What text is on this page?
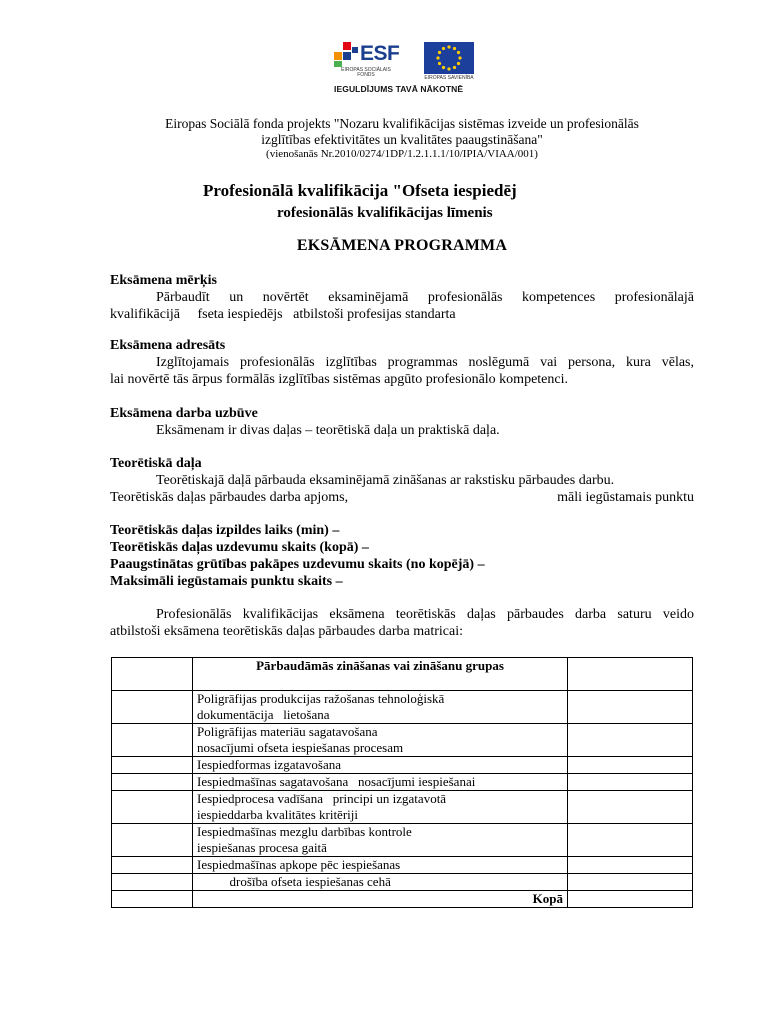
ESF
EIROPAS SOCIĀLAIS FONDS	EIROPAS SAVIENĪBA
IEGULDĪJUMS TAVĀ NĀKOTNĒ
Eiropas Sociālā fonda projekts "Nozaru kvalifikācijas sistēmas izveide un profesionālās
izglītības efektivitātes un kvalitātes paaugstināšana"
(vienošanās Nr.2010/0274/1DP/1.2.1.1.1/10/IPIA/VIAA/001)
Profesionālā kvalifikācija "Ofseta iespiedēj
rofesionālās kvalifikācijas līmenis
EKSĀMENA PROGRAMMA
Eksāmena mērķis

Pārbaudīt un novērtēt eksaminējamā profesionālās kompetences profesionālajā

kvalifikācijā     fseta iespiedējs   atbilstoši profesijas standarta

Eksāmena adresāts

Izglītojamais profesionālās izglītības programmas noslēgumā vai persona, kura vēlas,

lai novērtē tās ārpus formālās izglītības sistēmas apgūto profesionālo kompetenci.

Eksāmena darba uzbūve

Eksāmenam ir divas daļas – teorētiskā daļa un praktiskā daļa.

Teorētiskā daļa

Teorētiskajā daļā pārbauda eksaminējamā zināšanas ar rakstisku pārbaudes darbu.

Teorētiskās daļas pārbaudes darba apjoms,	māli iegūstamais punktu

Teorētiskās daļas izpildes laiks (min) –
Teorētiskās daļas uzdevumu skaits (kopā) –
Paaugstinātas grūtības pakāpes uzdevumu skaits (no kopējā) –
Maksimāli iegūstamais punktu skaits –

Profesionālās kvalifikācijas eksāmena teorētiskās daļas pārbaudes darba saturu veido

atbilstoši eksāmena teorētiskās daļas pārbaudes darba matricai:

	Pārbaudāmās zināšanas vai zināšanu grupas	

	Poligrāfijas produkcijas ražošanas tehnoloģiskā
dokumentācija   lietošana	

	Poligrāfijas materiāu sagatavošana
nosacījumi ofseta iespiešanas procesam	

	Iespiedformas izgatavošana	

	Iespiedmašīnas sagatavošana   nosacījumi iespiešanai	

	Iespiedprocesa vadīšana   principi un izgatavotā
iespieddarba kvalitātes kritēriji	

	Iespiedmašīnas mezglu darbības kontrole
iespiešanas procesa gaitā	

	Iespiedmašīnas apkope pēc iespiešanas	

	drošība ofseta iespiešanas cehā	

	Kopā	
